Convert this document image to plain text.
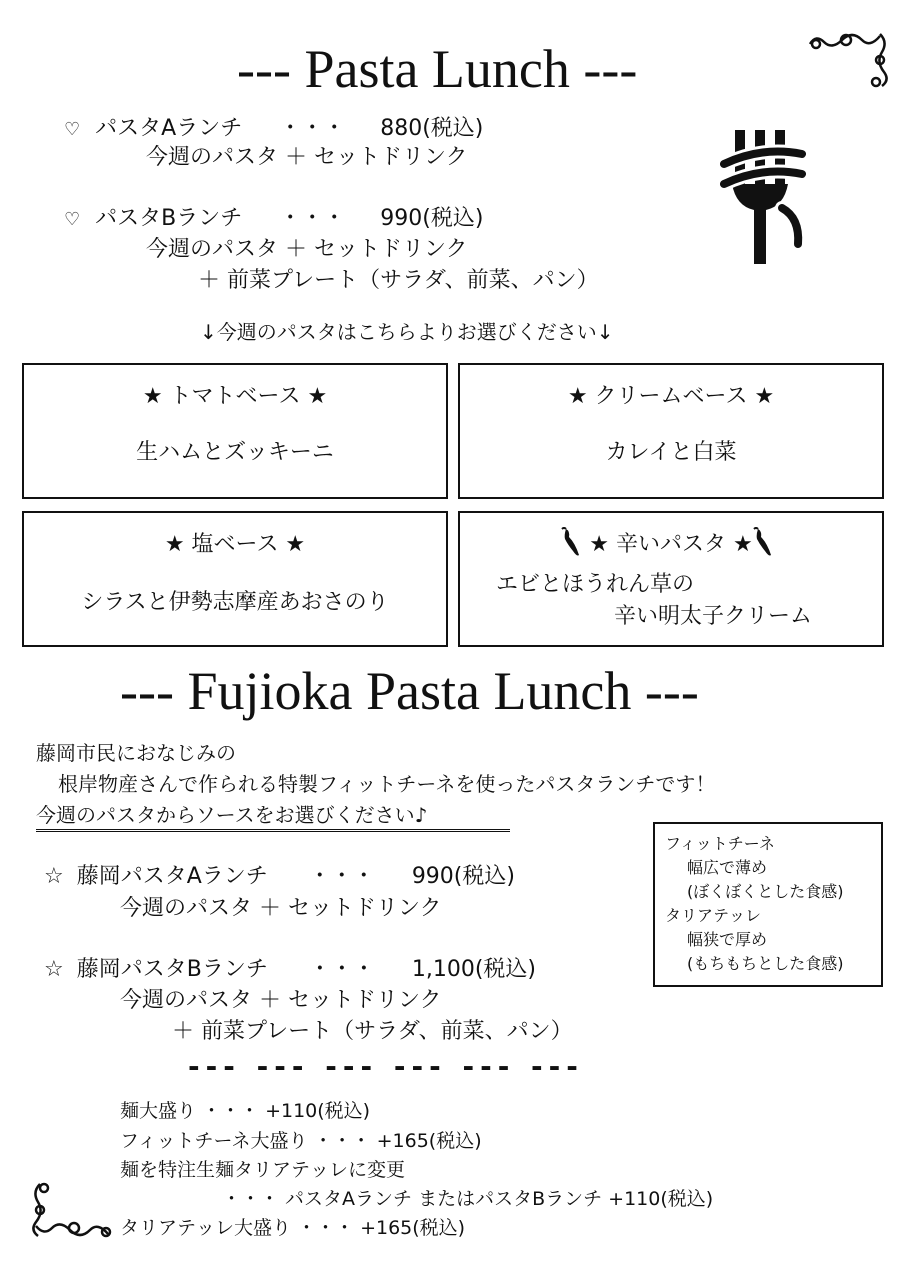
--- Pasta Lunch ---
♡ パスタAランチ ・・・ 880(税込)
今週のパスタ ＋ セットドリンク
♡ パスタBランチ ・・・ 990(税込)
今週のパスタ ＋ セットドリンク
＋ 前菜プレート（サラダ、前菜、パン）
↓今週のパスタはこちらよりお選びください↓
★ トマトベース ★
生ハムとズッキーニ
★ クリームベース ★
カレイと白菜
★ 塩ベース ★
シラスと伊勢志摩産あおさのり
★ 辛いパスタ ★
エビとほうれん草の
辛い明太子クリーム
--- Fujioka Pasta Lunch ---
藤岡市民におなじみの
根岸物産さんで作られる特製フィットチーネを使ったパスタランチです！
今週のパスタからソースをお選びください♪
フィットチーネ
幅広で薄め
(ぼくぼくとした食感)
タリアテッレ
幅狭で厚め
(もちもちとした食感)
☆ 藤岡パスタAランチ ・・・ 990(税込)
今週のパスタ ＋ セットドリンク
☆ 藤岡パスタBランチ ・・・ 1,100(税込)
今週のパスタ ＋ セットドリンク
＋ 前菜プレート（サラダ、前菜、パン）
--- --- --- --- --- ---
麺大盛り ・・・ +110(税込)
フィットチーネ大盛り ・・・ +165(税込)
麺を特注生麺タリアテッレに変更
・・・ パスタAランチ またはパスタBランチ +110(税込)
タリアテッレ大盛り ・・・ +165(税込)
